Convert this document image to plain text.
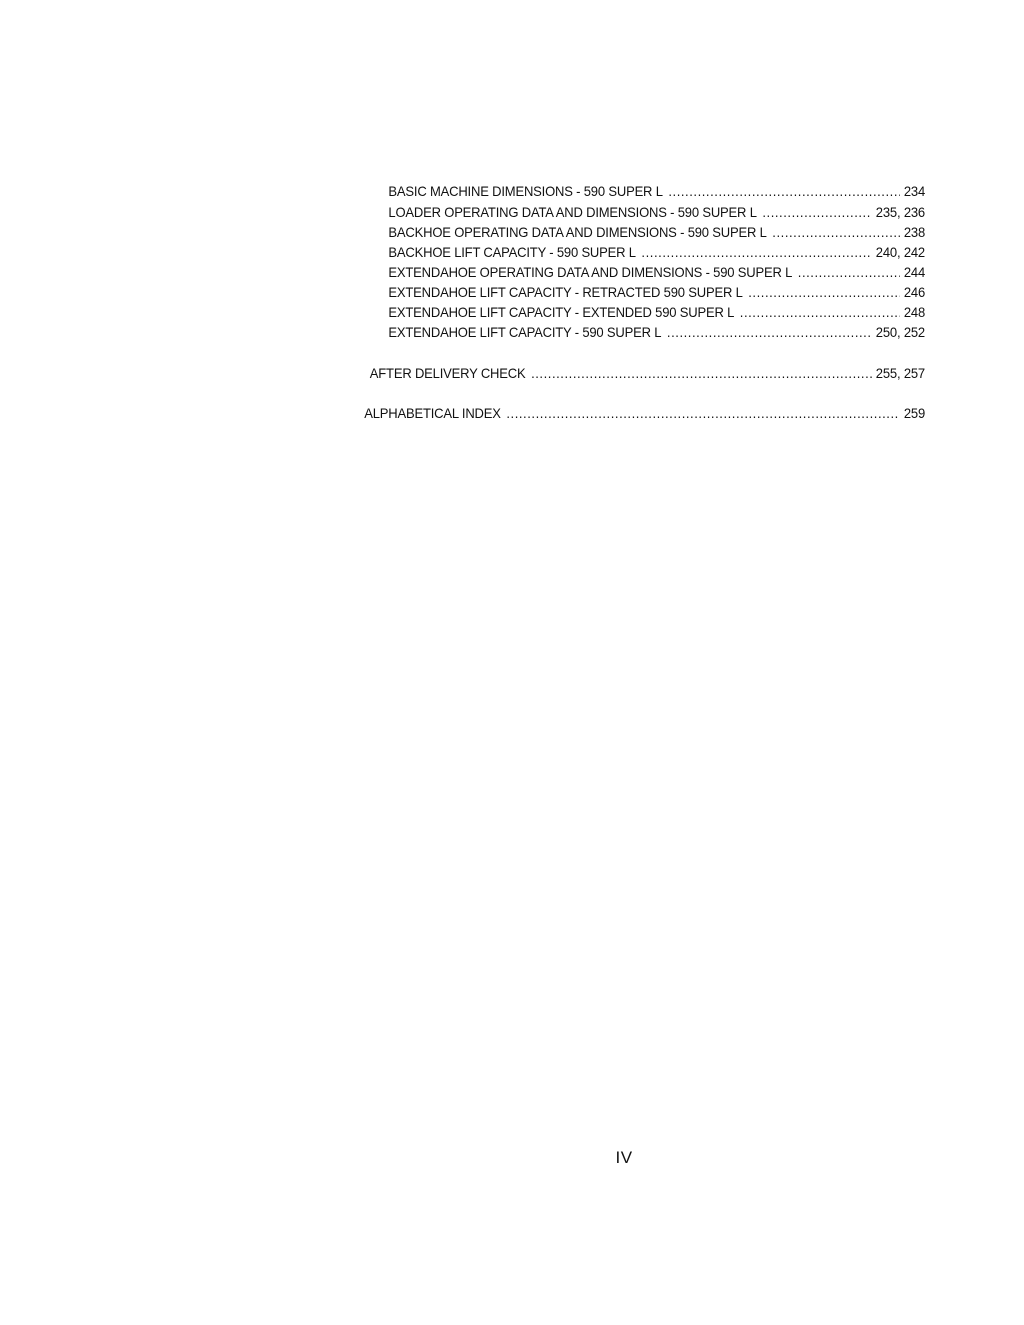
BASIC MACHINE DIMENSIONS - 590 SUPER L .....	234
LOADER OPERATING DATA AND DIMENSIONS - 590 SUPER L .....	235, 236
BACKHOE OPERATING DATA AND DIMENSIONS - 590 SUPER L .....	238
BACKHOE LIFT CAPACITY - 590 SUPER L .....	240, 242
EXTENDAHOE OPERATING DATA AND DIMENSIONS - 590 SUPER L .....	244
EXTENDAHOE LIFT CAPACITY - RETRACTED 590 SUPER L .....	246
EXTENDAHOE LIFT CAPACITY - EXTENDED 590 SUPER L .....	248
EXTENDAHOE LIFT CAPACITY - 590 SUPER L .....	250, 252
AFTER DELIVERY CHECK .....	255, 257
ALPHABETICAL INDEX .....	259
IV
